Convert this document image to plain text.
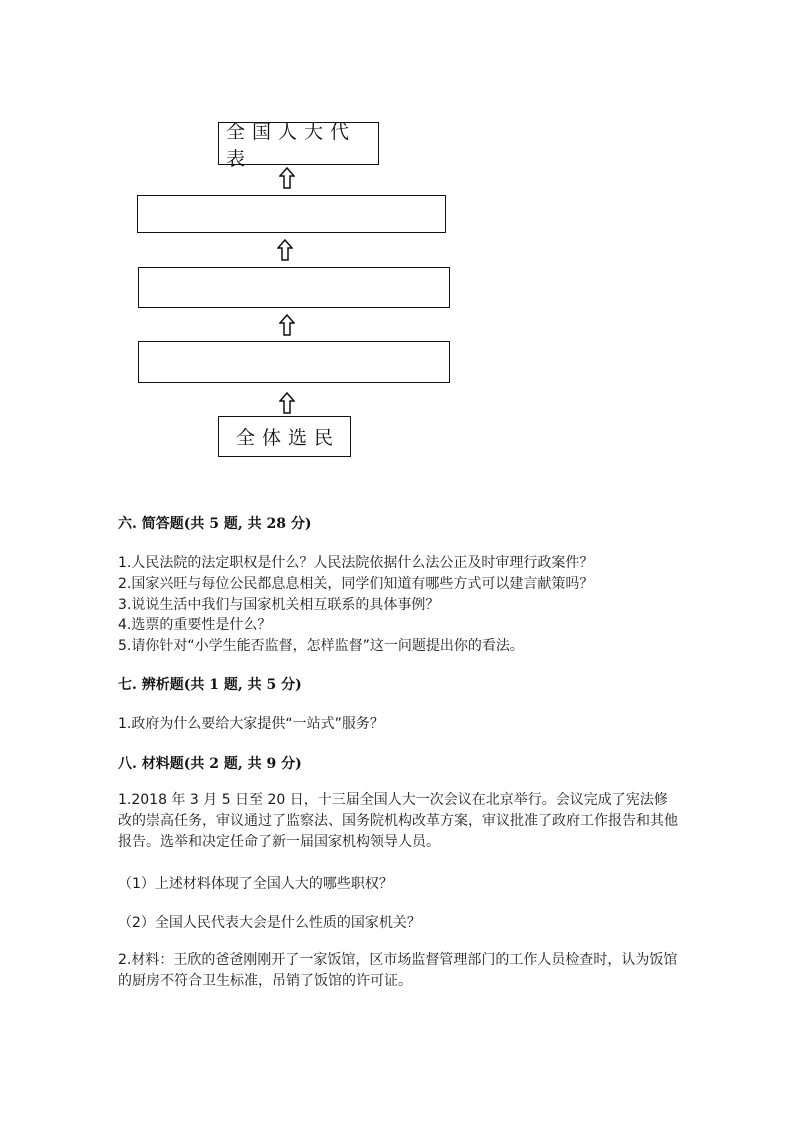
全国人大代表
全体选民
六. 简答题(共 5 题, 共 28 分)
1.人民法院的法定职权是什么？人民法院依据什么法公正及时审理行政案件？
2.国家兴旺与每位公民都息息相关，同学们知道有哪些方式可以建言献策吗？
3.说说生活中我们与国家机关相互联系的具体事例？
4.选票的重要性是什么？
5.请你针对“小学生能否监督，怎样监督”这一问题提出你的看法。
七. 辨析题(共 1 题, 共 5 分)
1.政府为什么要给大家提供“一站式”服务？
八. 材料题(共 2 题, 共 9 分)
1.2018 年 3 月 5 日至 20 日，十三届全国人大一次会议在北京举行。会议完成了宪法修改的崇高任务，审议通过了监察法、国务院机构改革方案，审议批准了政府工作报告和其他报告。选举和决定任命了新一届国家机构领导人员。
（1）上述材料体现了全国人大的哪些职权？
（2）全国人民代表大会是什么性质的国家机关？
2.材料：王欣的爸爸刚刚开了一家饭馆，区市场监督管理部门的工作人员检查时，认为饭馆的厨房不符合卫生标准，吊销了饭馆的许可证。
